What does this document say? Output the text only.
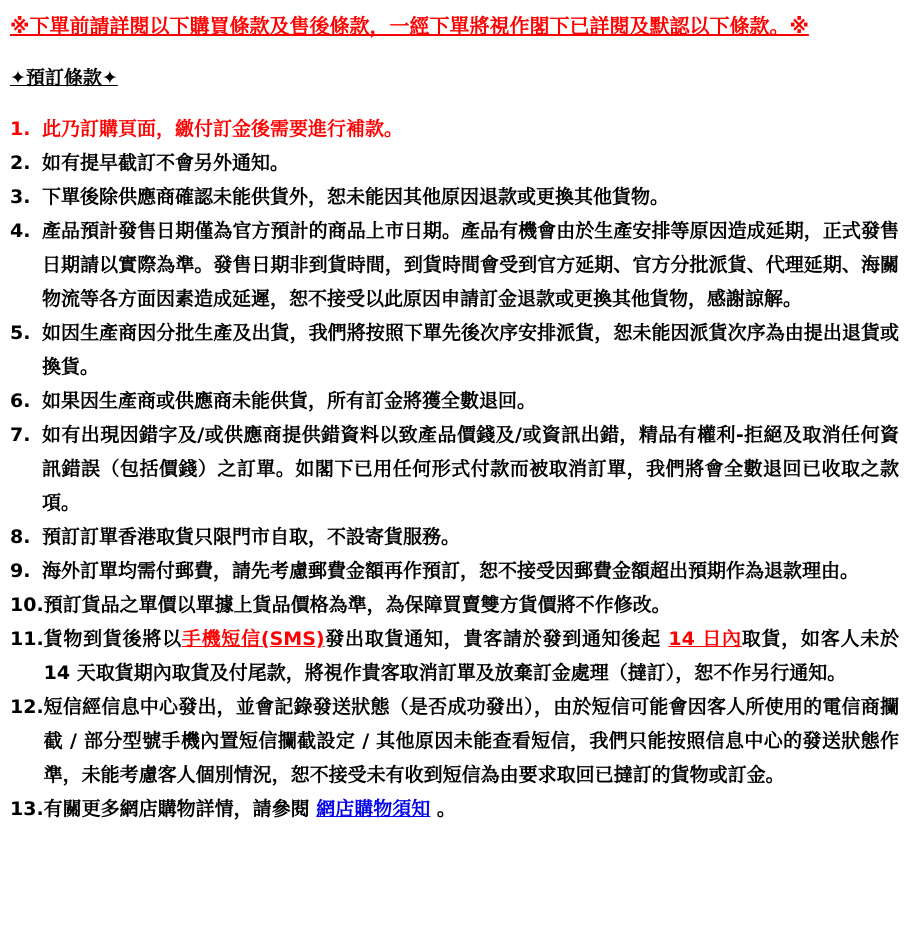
※下單前請詳閱以下購買條款及售後條款，一經下單將視作閣下已詳閱及默認以下條款。※
✦預訂條款✦
1. 此乃訂購頁面，繳付訂金後需要進行補款。
2. 如有提早截訂不會另外通知。
3. 下單後除供應商確認未能供貨外，恕未能因其他原因退款或更換其他貨物。
4. 產品預計發售日期僅為官方預計的商品上市日期。產品有機會由於生產安排等原因造成延期，正式發售日期請以實際為準。發售日期非到貨時間，到貨時間會受到官方延期、官方分批派貨、代理延期、海關物流等各方面因素造成延遲，恕不接受以此原因申請訂金退款或更換其他貨物，感謝諒解。
5. 如因生產商因分批生產及出貨，我們將按照下單先後次序安排派貨，恕未能因派貨次序為由提出退貨或換貨。
6. 如果因生產商或供應商未能供貨，所有訂金將獲全數退回。
7. 如有出現因錯字及/或供應商提供錯資料以致產品價錢及/或資訊出錯，精品有權利-拒絕及取消任何資訊錯誤（包括價錢）之訂單。如閣下已用任何形式付款而被取消訂單，我們將會全數退回已收取之款項。
8. 預訂訂單香港取貨只限門市自取，不設寄貨服務。
9. 海外訂單均需付郵費，請先考慮郵費金額再作預訂，恕不接受因郵費金額超出預期作為退款理由。
10. 預訂貨品之單價以單據上貨品價格為準，為保障買賣雙方貨價將不作修改。
11. 貨物到貨後將以手機短信(SMS)發出取貨通知，貴客請於發到通知後起 14 日內取貨，如客人未於 14 天取貨期內取貨及付尾款，將視作貴客取消訂單及放棄訂金處理（撻訂），恕不作另行通知。
12. 短信經信息中心發出，並會記錄發送狀態（是否成功發出），由於短信可能會因客人所使用的電信商攔截 / 部分型號手機內置短信攔截設定 / 其他原因未能查看短信，我們只能按照信息中心的發送狀態作準，未能考慮客人個別情況，恕不接受未有收到短信為由要求取回已撻訂的貨物或訂金。
13. 有關更多網店購物詳情，請參閱 網店購物須知 。
